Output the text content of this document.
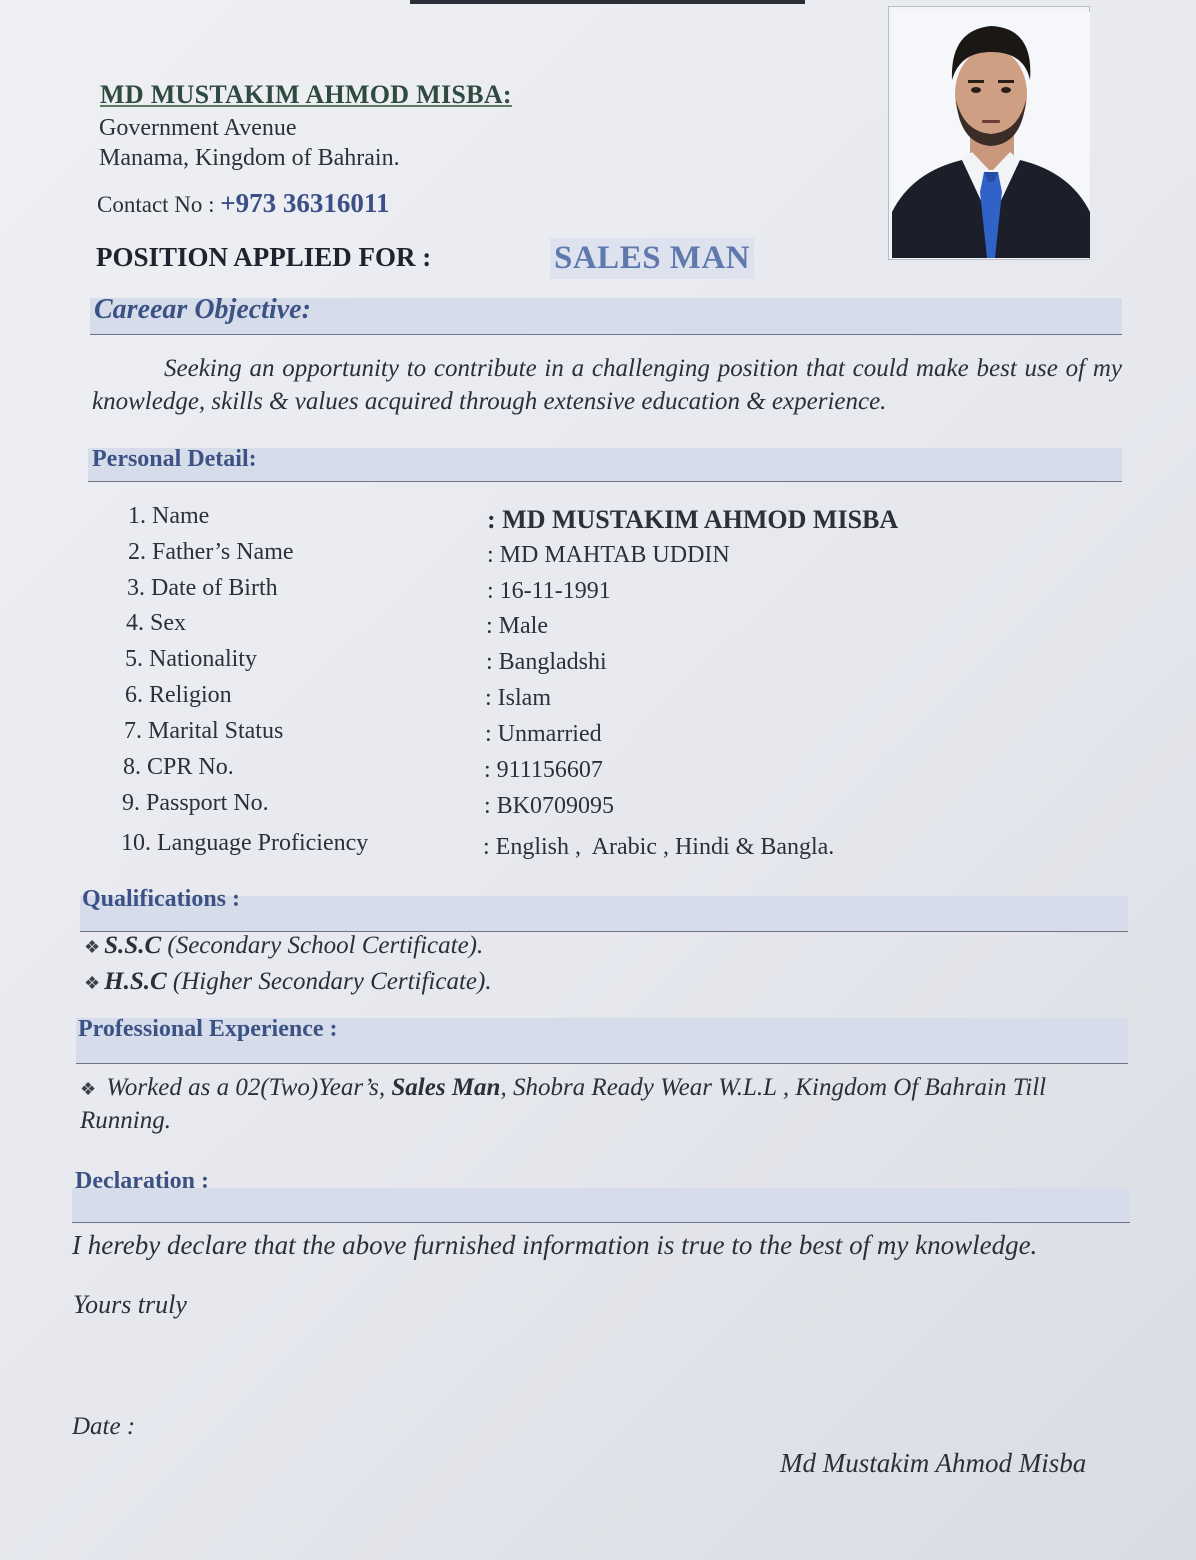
MD MUSTAKIM AHMOD MISBA:
Government Avenue
Manama, Kingdom of Bahrain.
Contact No : +973 36316011
POSITION APPLIED FOR :	SALES MAN
Careear Objective:
Seeking an opportunity to contribute in a challenging position that could make best use of my knowledge, skills & values acquired through extensive education & experience.
Personal Detail:
1. Name	: MD MUSTAKIM AHMOD MISBA
2. Father’s Name	: MD MAHTAB UDDIN
3. Date of Birth	: 16-11-1991
4. Sex	: Male
5. Nationality	: Bangladshi
6. Religion	: Islam
7. Marital Status	: Unmarried
8. CPR No.	: 911156607
9. Passport No.	: BK0709095
10. Language Proficiency	: English ,  Arabic , Hindi & Bangla.
Qualifications :
❖ S.S.C (Secondary School Certificate).
❖ H.S.C (Higher Secondary Certificate).
Professional Experience :
❖ Worked as a 02(Two)Year’s, Sales Man, Shobra Ready Wear W.L.L , Kingdom Of Bahrain Till Running.
Declaration :
I hereby declare that the above furnished information is true to the best of my knowledge.
Yours truly
Date :
Md Mustakim Ahmod Misba
